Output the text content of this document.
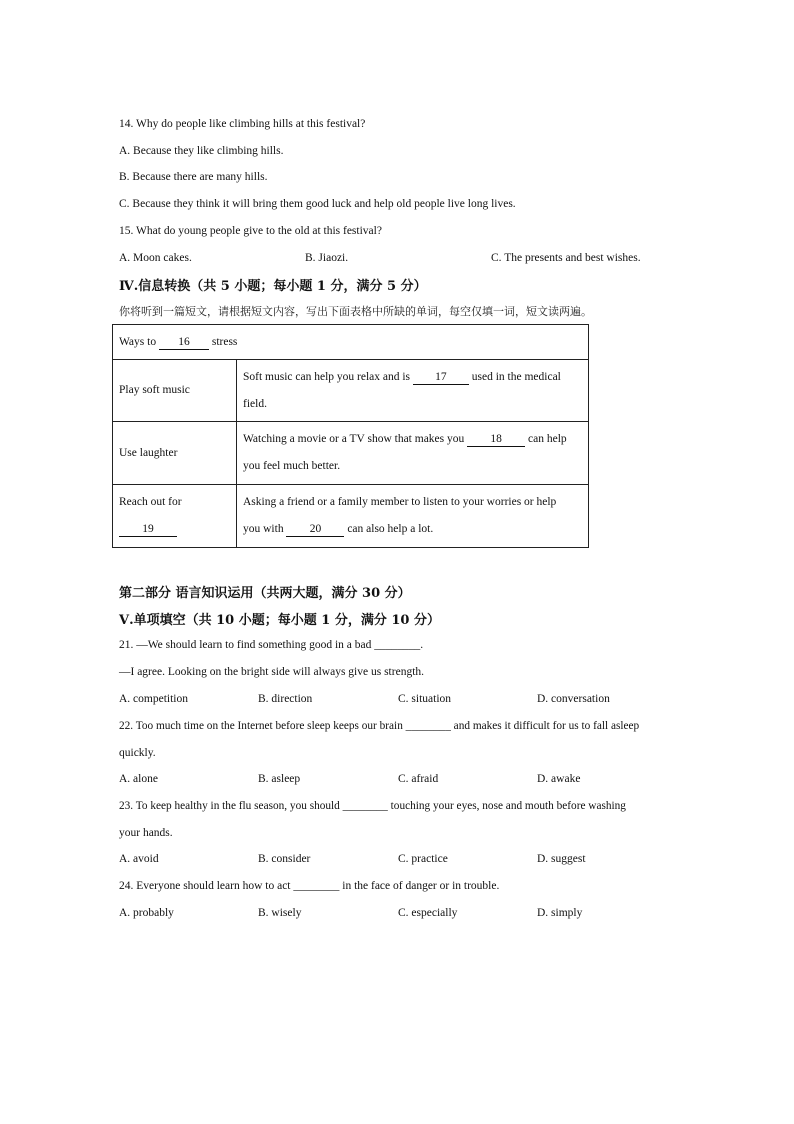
14. Why do people like climbing hills at this festival?
A. Because they like climbing hills.
B. Because there are many hills.
C. Because they think it will bring them good luck and help old people live long lives.
15. What do young people give to the old at this festival?
A. Moon cakes.	B. Jiaozi.	C. The presents and best wishes.
Ⅳ.信息转换（共 5 小题；每小题 1 分，满分 5 分）
你将听到一篇短文，请根据短文内容，写出下面表格中所缺的单词，每空仅填一词，短文读两遍。
Ways to 16 stress	
Play soft music	Soft music can help you relax and is 17 used in the medical
field.
Use laughter	Watching a movie or a TV show that makes you 18 can help
you feel much better.
Reach out for
19	Asking a friend or a family member to listen to your worries or help
you with 20 can also help a lot.
第二部分 语言知识运用（共两大题，满分 30 分）
Ⅴ.单项填空（共 10 小题；每小题 1 分，满分 10 分）
21. —We should learn to find something good in a bad ________.
—I agree. Looking on the bright side will always give us strength.
A. competition	B. direction	C. situation	D. conversation
22. Too much time on the Internet before sleep keeps our brain ________ and makes it difficult for us to fall asleep
quickly.
A. alone	B. asleep	C. afraid	D. awake
23. To keep healthy in the flu season, you should ________ touching your eyes, nose and mouth before washing
your hands.
A. avoid	B. consider	C. practice	D. suggest
24. Everyone should learn how to act ________ in the face of danger or in trouble.
A. probably	B. wisely	C. especially	D. simply
